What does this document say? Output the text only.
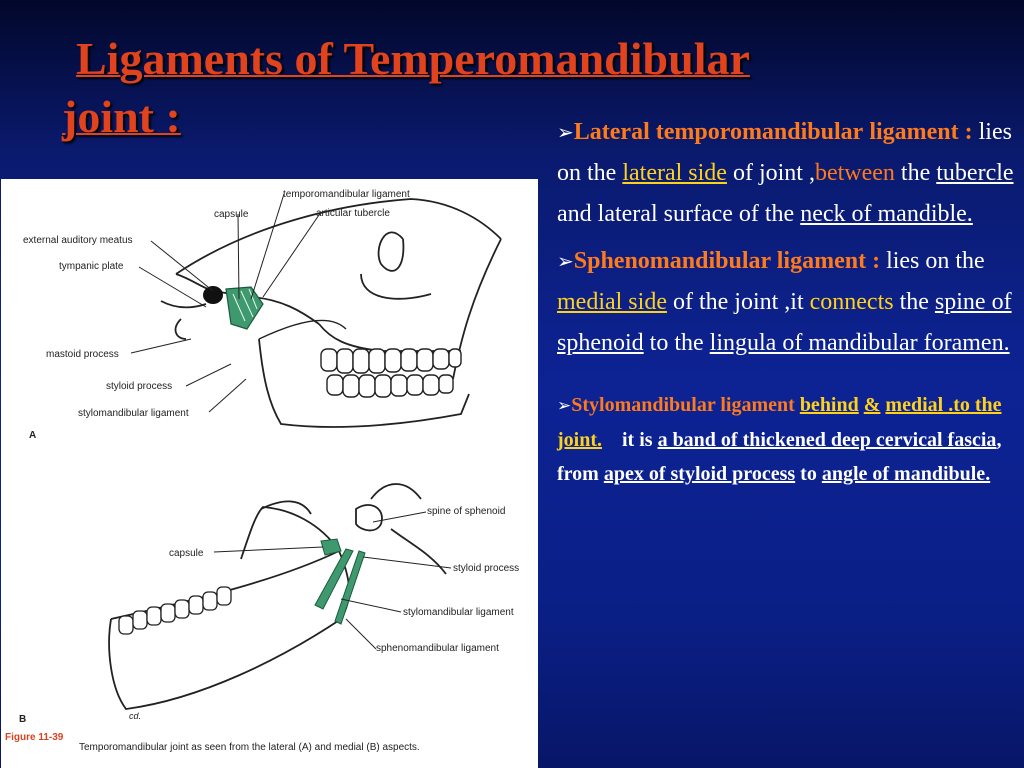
Ligaments of Temperomandibular
joint :
temporomandibular ligament
capsule	articular tubercle
external auditory meatus
tympanic plate
mastoid process
styloid process
stylomandibular ligament
A
spine of sphenoid
capsule
styloid process
stylomandibular ligament
sphenomandibular ligament
B	cd.
Figure 11-39
Temporomandibular joint as seen from the lateral (A) and medial (B) aspects.

➢Lateral temporomandibular ligament : lies on the lateral side of joint ,between the tubercle and lateral surface of the neck of mandible.

➢Sphenomandibular ligament : lies on the medial side of the joint ,it connects the spine of sphenoid to the lingula of mandibular foramen.

➢Stylomandibular ligament behind & medial .to the joint. it is a band of thickened deep cervical fascia,
from apex of styloid process to angle of mandibule.
